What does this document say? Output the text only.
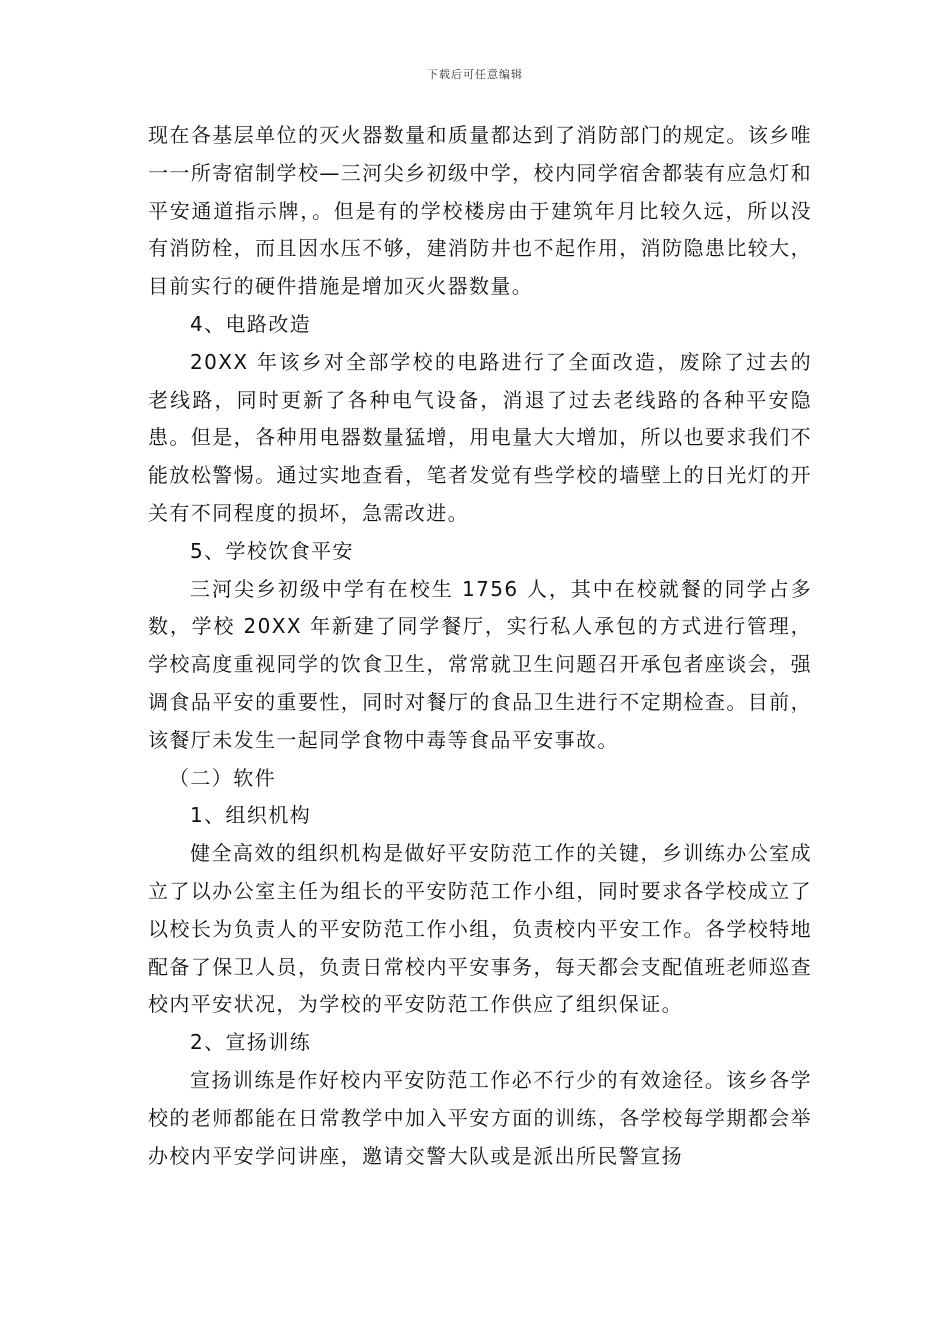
下载后可任意编辑

现在各基层单位的灭火器数量和质量都达到了消防部门的规定。该乡唯一一所寄宿制学校—三河尖乡初级中学，校内同学宿舍都装有应急灯和平安通道指示牌，。但是有的学校楼房由于建筑年月比较久远，所以没有消防栓，而且因水压不够，建消防井也不起作用，消防隐患比较大，目前实行的硬件措施是增加灭火器数量。

4、电路改造

20XX 年该乡对全部学校的电路进行了全面改造，废除了过去的老线路，同时更新了各种电气设备，消退了过去老线路的各种平安隐患。但是，各种用电器数量猛增，用电量大大增加，所以也要求我们不能放松警惕。通过实地查看，笔者发觉有些学校的墙壁上的日光灯的开关有不同程度的损坏，急需改进。

5、学校饮食平安

三河尖乡初级中学有在校生 1756 人，其中在校就餐的同学占多数，学校 20XX 年新建了同学餐厅，实行私人承包的方式进行管理，学校高度重视同学的饮食卫生，常常就卫生问题召开承包者座谈会，强调食品平安的重要性，同时对餐厅的食品卫生进行不定期检查。目前，该餐厅未发生一起同学食物中毒等食品平安事故。

（二）软件

1、组织机构

健全高效的组织机构是做好平安防范工作的关键，乡训练办公室成立了以办公室主任为组长的平安防范工作小组，同时要求各学校成立了以校长为负责人的平安防范工作小组，负责校内平安工作。各学校特地配备了保卫人员，负责日常校内平安事务，每天都会支配值班老师巡查校内平安状况，为学校的平安防范工作供应了组织保证。

2、宣扬训练

宣扬训练是作好校内平安防范工作必不行少的有效途径。该乡各学校的老师都能在日常教学中加入平安方面的训练，各学校每学期都会举办校内平安学问讲座，邀请交警大队或是派出所民警宣扬
